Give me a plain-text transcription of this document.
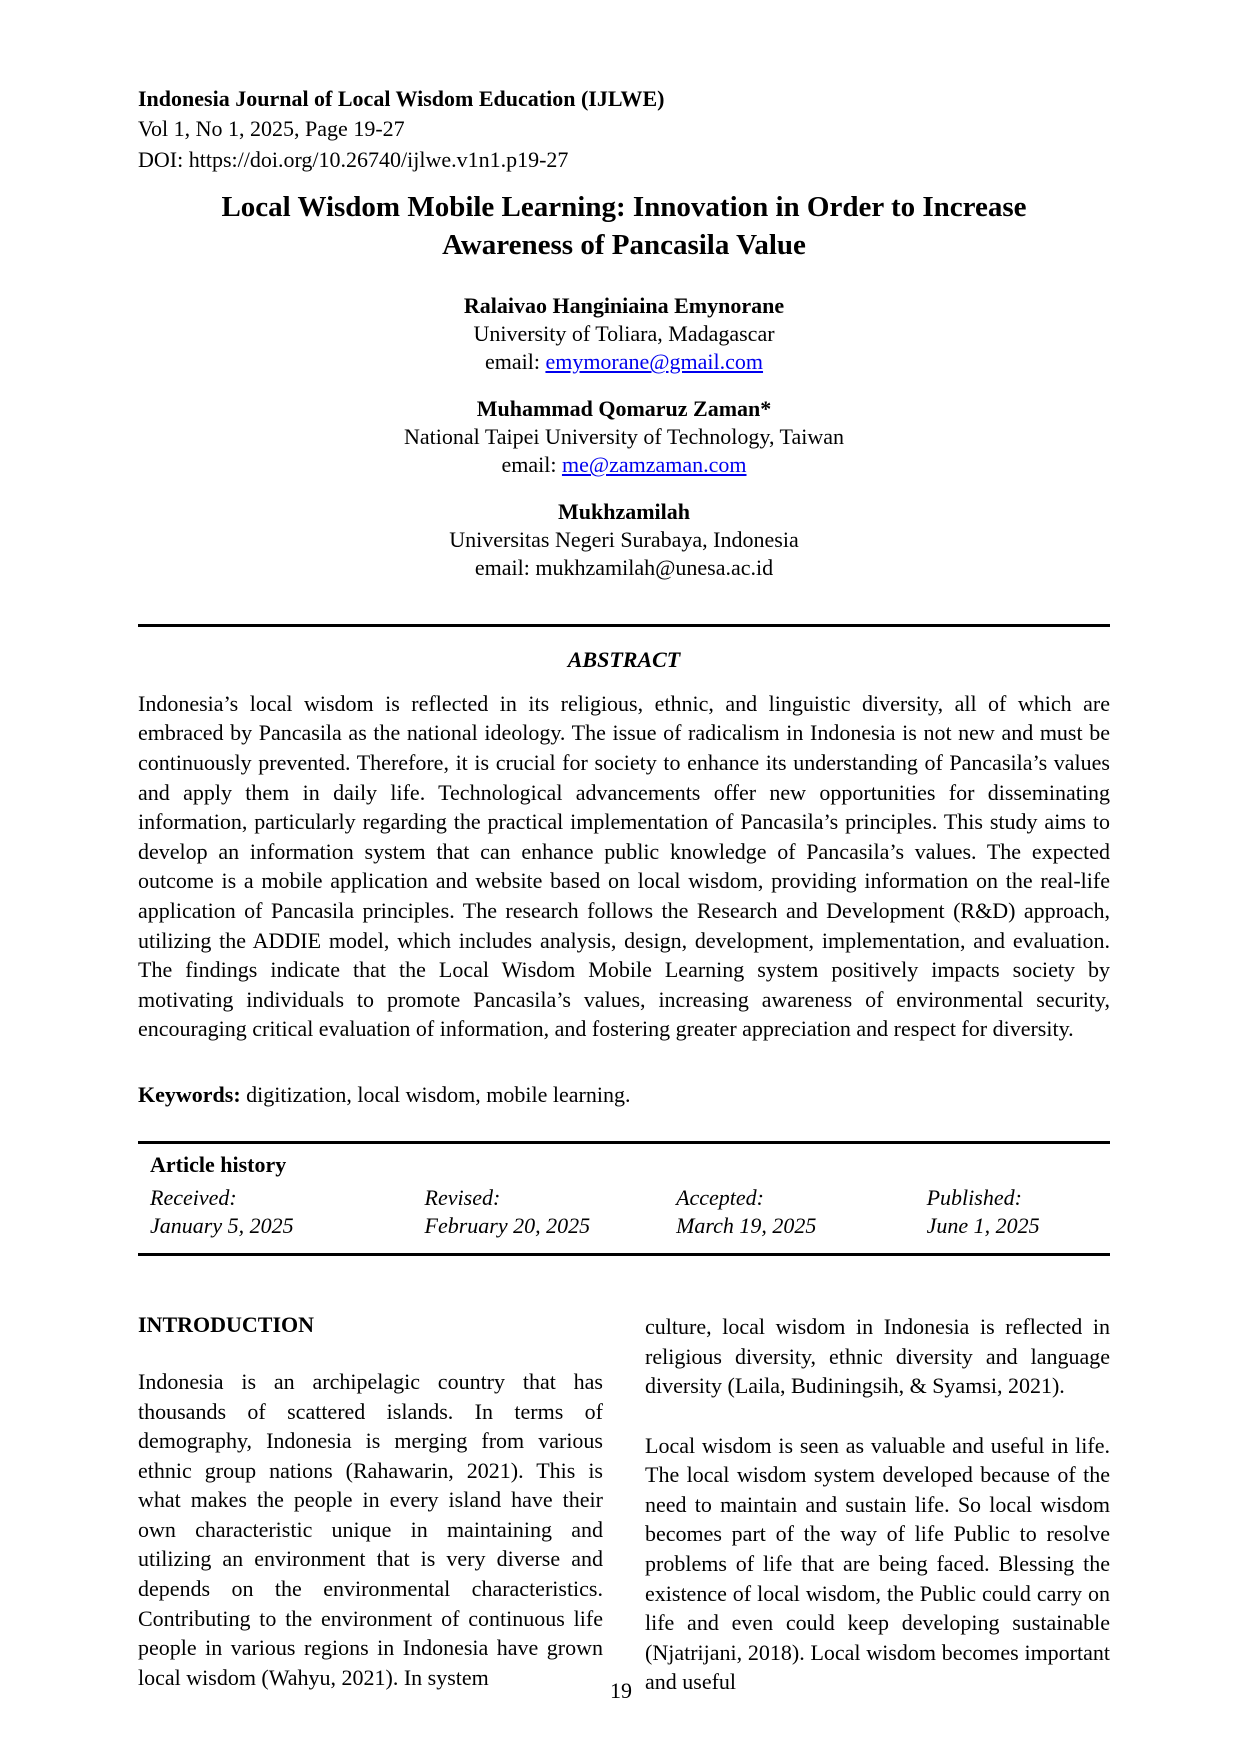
Indonesia Journal of Local Wisdom Education (IJLWE)
Vol 1, No 1, 2025, Page 19-27
DOI: https://doi.org/10.26740/ijlwe.v1n1.p19-27
Local Wisdom Mobile Learning: Innovation in Order to Increase Awareness of Pancasila Value
Ralaivao Hanginiaina Emynorane
University of Toliara, Madagascar
email: emymorane@gmail.com
Muhammad Qomaruz Zaman*
National Taipei University of Technology, Taiwan
email: me@zamzaman.com
Mukhzamilah
Universitas Negeri Surabaya, Indonesia
email: mukhzamilah@unesa.ac.id
ABSTRACT

Indonesia’s local wisdom is reflected in its religious, ethnic, and linguistic diversity, all of which are embraced by Pancasila as the national ideology. The issue of radicalism in Indonesia is not new and must be continuously prevented. Therefore, it is crucial for society to enhance its understanding of Pancasila’s values and apply them in daily life. Technological advancements offer new opportunities for disseminating information, particularly regarding the practical implementation of Pancasila’s principles. This study aims to develop an information system that can enhance public knowledge of Pancasila’s values. The expected outcome is a mobile application and website based on local wisdom, providing information on the real-life application of Pancasila principles. The research follows the Research and Development (R&D) approach, utilizing the ADDIE model, which includes analysis, design, development, implementation, and evaluation. The findings indicate that the Local Wisdom Mobile Learning system positively impacts society by motivating individuals to promote Pancasila’s values, increasing awareness of environmental security, encouraging critical evaluation of information, and fostering greater appreciation and respect for diversity.

Keywords: digitization, local wisdom, mobile learning.

Article history
Received:
January 5, 2025
Revised:
February 20, 2025
Accepted:
March 19, 2025
Published:
June 1, 2025
INTRODUCTION

Indonesia is an archipelagic country that has thousands of scattered islands. In terms of demography, Indonesia is merging from various ethnic group nations (Rahawarin, 2021). This is what makes the people in every island have their own characteristic unique in maintaining and utilizing an environment that is very diverse and depends on the environmental characteristics. Contributing to the environment of continuous life people in various regions in Indonesia have grown local wisdom (Wahyu, 2021). In system

culture, local wisdom in Indonesia is reflected in religious diversity, ethnic diversity and language diversity (Laila, Budiningsih, & Syamsi, 2021).

Local wisdom is seen as valuable and useful in life. The local wisdom system developed because of the need to maintain and sustain life. So local wisdom becomes part of the way of life Public to resolve problems of life that are being faced. Blessing the existence of local wisdom, the Public could carry on life and even could keep developing sustainable (Njatrijani, 2018). Local wisdom becomes important and useful

19
